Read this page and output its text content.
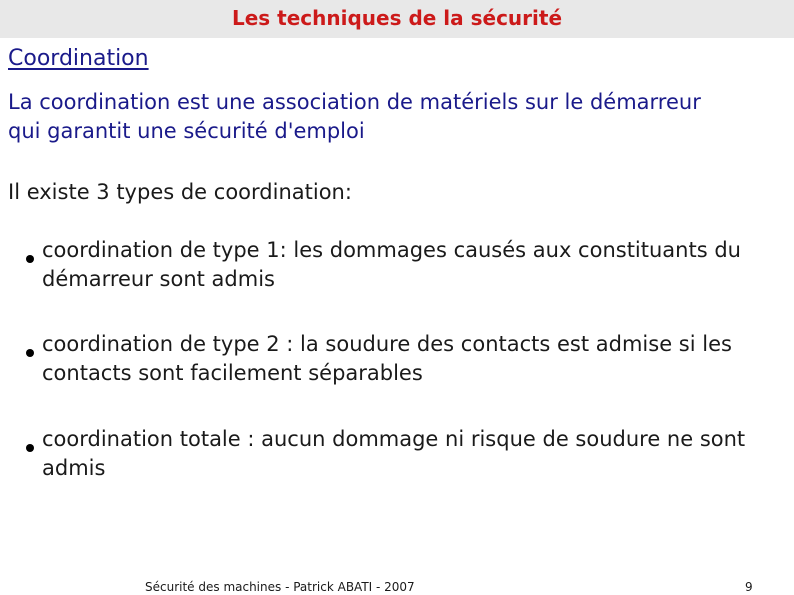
Les techniques de la sécurité
Coordination

La coordination est une association de matériels sur le démarreur qui garantit une sécurité d'emploi

Il existe 3 types de coordination:
coordination de type 1: les dommages causés aux constituants du démarreur sont admis
coordination de type 2 : la soudure des contacts est admise si les contacts sont facilement séparables
coordination totale : aucun dommage ni risque de soudure ne sont admis
Sécurité des machines - Patrick ABATI - 2007	9
